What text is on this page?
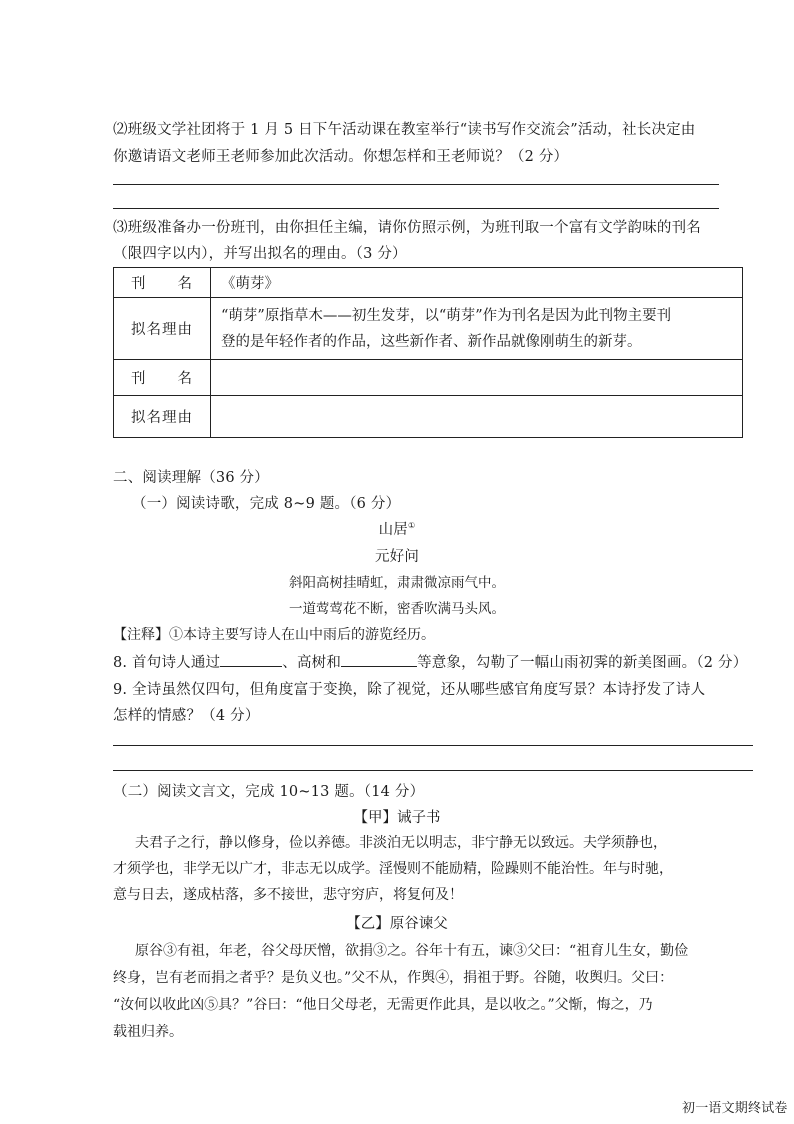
⑵班级文学社团将于 1 月 5 日下午活动课在教室举行“读书写作交流会”活动，社长决定由
你邀请语文老师王老师参加此次活动。你想怎样和王老师说？（2 分）
⑶班级准备办一份班刊，由你担任主编，请你仿照示例，为班刊取一个富有文学韵味的刊名
（限四字以内），并写出拟名的理由。（3 分）
刊　　名	《萌芽》
拟名理由	“萌芽”原指草木——初生发芽，以“萌芽”作为刊名是因为此刊物主要刊
登的是年轻作者的作品，这些新作者、新作品就像刚萌生的新芽。

刊　　名	
拟名理由	
二、阅读理解（36 分）
（一）阅读诗歌，完成 8~9 题。（6 分）
山居①
元好问
斜阳高树挂晴虹，肃肃微凉雨气中。
一道莺莺花不断，密香吹满马头风。
【注释】①本诗主要写诗人在山中雨后的游览经历。
8. 首句诗人通过	、高树和	等意象，勾勒了一幅山雨初霁的新美图画。（2 分）
9. 全诗虽然仅四句，但角度富于变换，除了视觉，还从哪些感官角度写景？本诗抒发了诗人
怎样的情感？（4 分）
（二）阅读文言文，完成 10~13 题。（14 分）
【甲】诫子书
夫君子之行，静以修身，俭以养德。非淡泊无以明志，非宁静无以致远。夫学须静也，
才须学也，非学无以广才，非志无以成学。淫慢则不能励精，险躁则不能治性。年与时驰，
意与日去，遂成枯落，多不接世，悲守穷庐，将复何及！
【乙】原谷谏父
原谷③有祖，年老，谷父母厌憎，欲捐③之。谷年十有五，谏③父曰：“祖育儿生女，勤俭
终身，岂有老而捐之者乎？是负义也。”父不从，作舆④，捐祖于野。谷随，收舆归。父曰：
“汝何以收此凶⑤具？”谷曰：“他日父母老，无需更作此具，是以收之。”父惭，悔之，乃
载祖归养。
初一语文期终试卷
